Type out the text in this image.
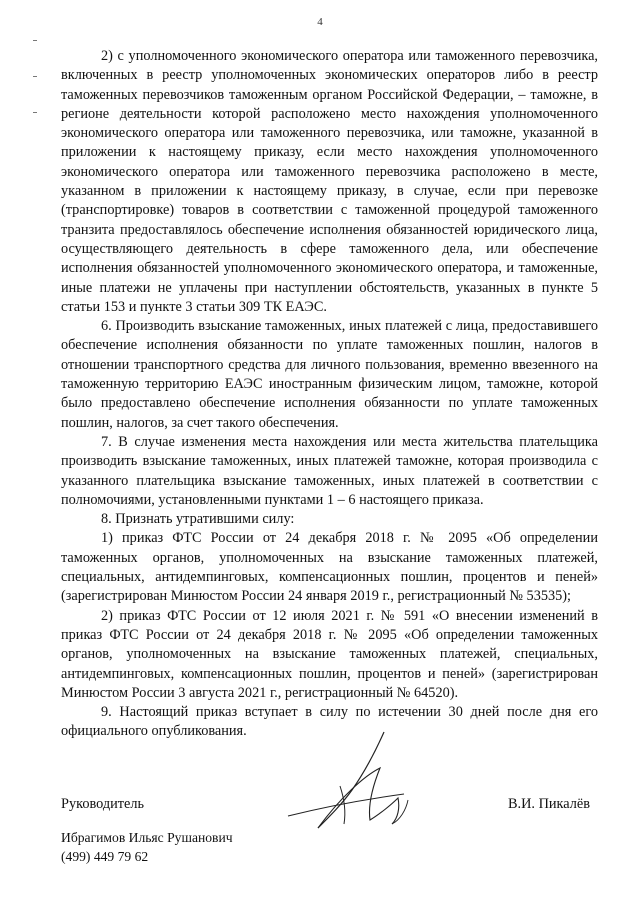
4

2) с уполномоченного экономического оператора или таможенного перевозчика, включенных в реестр уполномоченных экономических операторов либо в реестр таможенных перевозчиков таможенным органом Российской Федерации, – таможне, в регионе деятельности которой расположено место нахождения уполномоченного экономического оператора или таможенного перевозчика, или таможне, указанной в приложении к настоящему приказу, если место нахождения уполномоченного экономического оператора или таможенного перевозчика расположено в месте, указанном в приложении к настоящему приказу, в случае, если при перевозке (транспортировке) товаров в соответствии с таможенной процедурой таможенного транзита предоставлялось обеспечение исполнения обязанностей юридического лица, осуществляющего деятельность в сфере таможенного дела, или обеспечение исполнения обязанностей уполномоченного экономического оператора, и таможенные, иные платежи не уплачены при наступлении обстоятельств, указанных в пункте 5 статьи 153 и пункте 3 статьи 309 ТК ЕАЭС.

6. Производить взыскание таможенных, иных платежей с лица, предоставившего обеспечение исполнения обязанности по уплате таможенных пошлин, налогов в отношении транспортного средства для личного пользования, временно ввезенного на таможенную территорию ЕАЭС иностранным физическим лицом, таможне, которой было предоставлено обеспечение исполнения обязанности по уплате таможенных пошлин, налогов, за счет такого обеспечения.

7. В случае изменения места нахождения или места жительства плательщика производить взыскание таможенных, иных платежей таможне, которая производила с указанного плательщика взыскание таможенных, иных платежей в соответствии с полномочиями, установленными пунктами 1 – 6 настоящего приказа.

8. Признать утратившими силу:

1) приказ ФТС России от 24 декабря 2018 г. № 2095 «Об определении таможенных органов, уполномоченных на взыскание таможенных платежей, специальных, антидемпинговых, компенсационных пошлин, процентов и пеней» (зарегистрирован Минюстом России 24 января 2019 г., регистрационный № 53535);

2) приказ ФТС России от 12 июля 2021 г. № 591 «О внесении изменений в приказ ФТС России от 24 декабря 2018 г. № 2095 «Об определении таможенных органов, уполномоченных на взыскание таможенных платежей, специальных, антидемпинговых, компенсационных пошлин, процентов и пеней» (зарегистрирован Минюстом России 3 августа 2021 г., регистрационный № 64520).

9. Настоящий приказ вступает в силу по истечении 30 дней после дня его официального опубликования.

Руководитель	В.И. Пикалёв
Ибрагимов Ильяс Рушанович
(499) 449 79 62
